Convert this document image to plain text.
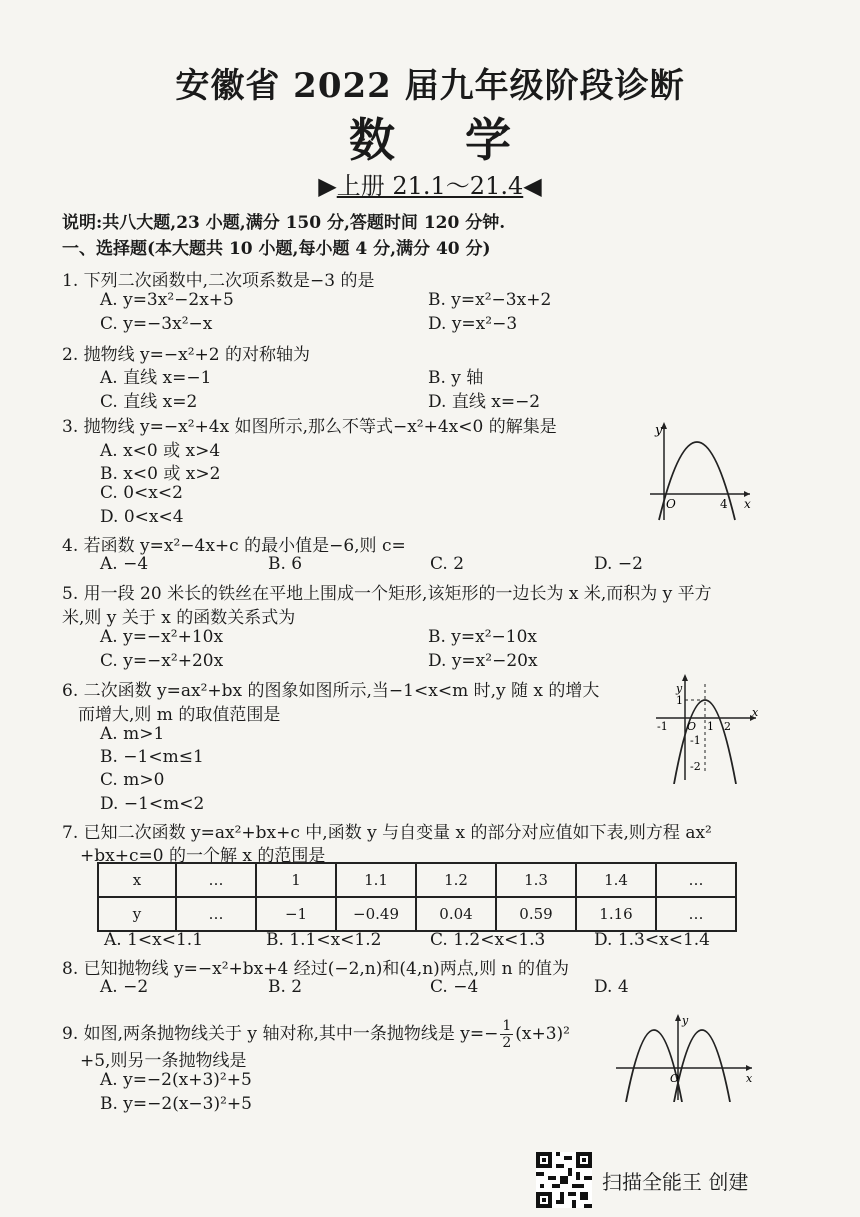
安徽省 2022 届九年级阶段诊断
数学
▶上册 21.1～21.4◀
说明:共八大题,23 小题,满分 150 分,答题时间 120 分钟.
一、选择题(本大题共 10 小题,每小题 4 分,满分 40 分)
1. 下列二次函数中,二次项系数是−3 的是
A. y=3x²−2x+5	B. y=x²−3x+2
C. y=−3x²−x	D. y=x²−3
2. 抛物线 y=−x²+2 的对称轴为
A. 直线 x=−1	B. y 轴
C. 直线 x=2	D. 直线 x=−2
3. 抛物线 y=−x²+4x 如图所示,那么不等式−x²+4x<0 的解集是
A. x<0 或 x>4
B. x<0 或 x>2
C. 0<x<2
D. 0<x<4
y
O	4 x
4. 若函数 y=x²−4x+c 的最小值是−6,则 c=
A. −4	B. 6	C. 2	D. −2
5. 用一段 20 米长的铁丝在平地上围成一个矩形,该矩形的一边长为 x 米,而积为 y 平方
米,则 y 关于 x 的函数关系式为
A. y=−x²+10x	B. y=x²−10x
C. y=−x²+20x	D. y=x²−20x
6. 二次函数 y=ax²+bx 的图象如图所示,当−1<x<m 时,y 随 x 的增大
而增大,则 m 的取值范围是
A. m>1
B. −1<m≤1
C. m>0
D. −1<m<2
y
1
-1 O 1 2
x
-1
-2
7. 已知二次函数 y=ax²+bx+c 中,函数 y 与自变量 x 的部分对应值如下表,则方程 ax²
+bx+c=0 的一个解 x 的范围是
x	…	1	1.1	1.2	1.3	1.4	…
y	…	−1	−0.49	0.04	0.59	1.16	…
A. 1<x<1.1	B. 1.1<x<1.2	C. 1.2<x<1.3	D. 1.3<x<1.4
8. 已知抛物线 y=−x²+bx+4 经过(−2,n)和(4,n)两点,则 n 的值为
A. −2	B. 2	C. −4	D. 4
9. 如图,两条抛物线关于 y 轴对称,其中一条抛物线是 $y=- \frac{1}{2} (x+3)^2$
+5,则另一条抛物线是
A. y=−2(x+3)²+5
B. y=−2(x−3)²+5
y
O	x
扫描全能王 创建
